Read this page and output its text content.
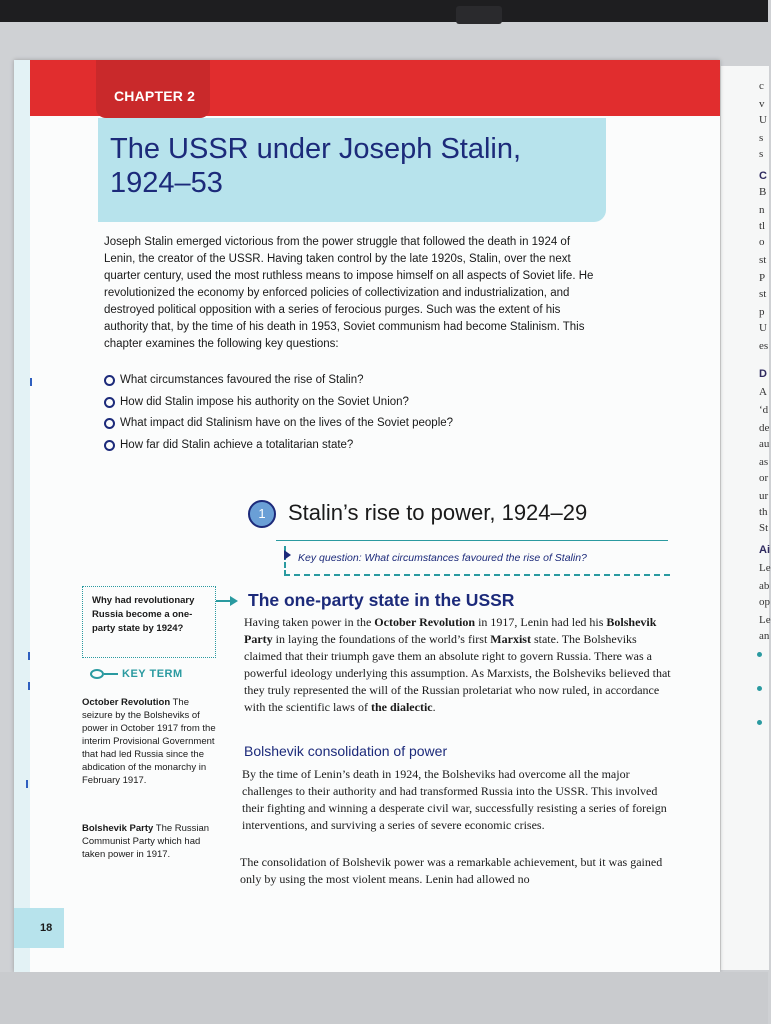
c
v
U
s
s
C
B
n
tl
o
st
P
st
p
U
es
D
A
‘d
de
au
as
or
ur
th
St
Ai
Le
ab
op
Le
an
CHAPTER 2
The USSR under Joseph Stalin, 1924–53

Joseph Stalin emerged victorious from the power struggle that followed the death in 1924 of Lenin, the creator of the USSR. Having taken control by the late 1920s, Stalin, over the next quarter century, used the most ruthless means to impose himself on all aspects of Soviet life. He revolutionized the economy by enforced policies of collectivization and industrialization, and destroyed political opposition with a series of ferocious purges. Such was the extent of his authority that, by the time of his death in 1953, Soviet communism had become Stalinism. This chapter examines the following key questions:

What circumstances favoured the rise of Stalin?
How did Stalin impose his authority on the Soviet Union?
What impact did Stalinism have on the lives of the Soviet people?
How far did Stalin achieve a totalitarian state?
1	Stalin’s rise to power, 1924–29
Key question: What circumstances favoured the rise of Stalin?

Why had revolutionary Russia become a one-party state by 1924?

The one-party state in the USSR

Having taken power in the October Revolution in 1917, Lenin had led his Bolshevik Party in laying the foundations of the world’s first Marxist state. The Bolsheviks claimed that their triumph gave them an absolute right to govern Russia. There was a powerful ideology underlying this assumption. As Marxists, the Bolsheviks believed that they truly represented the will of the Russian proletariat who now ruled, in accordance with the scientific laws of the dialectic.

Bolshevik consolidation of power

By the time of Lenin’s death in 1924, the Bolsheviks had overcome all the major challenges to their authority and had transformed Russia into the USSR. This involved their fighting and winning a desperate civil war, successfully resisting a series of foreign interventions, and surviving a series of severe economic crises.

The consolidation of Bolshevik power was a remarkable achievement, but it was gained only by using the most violent means. Lenin had allowed no

KEY TERM

October Revolution The seizure by the Bolsheviks of power in October 1917 from the interim Provisional Government that had led Russia since the abdication of the monarchy in February 1917.

Bolshevik Party The Russian Communist Party which had taken power in 1917.

18
